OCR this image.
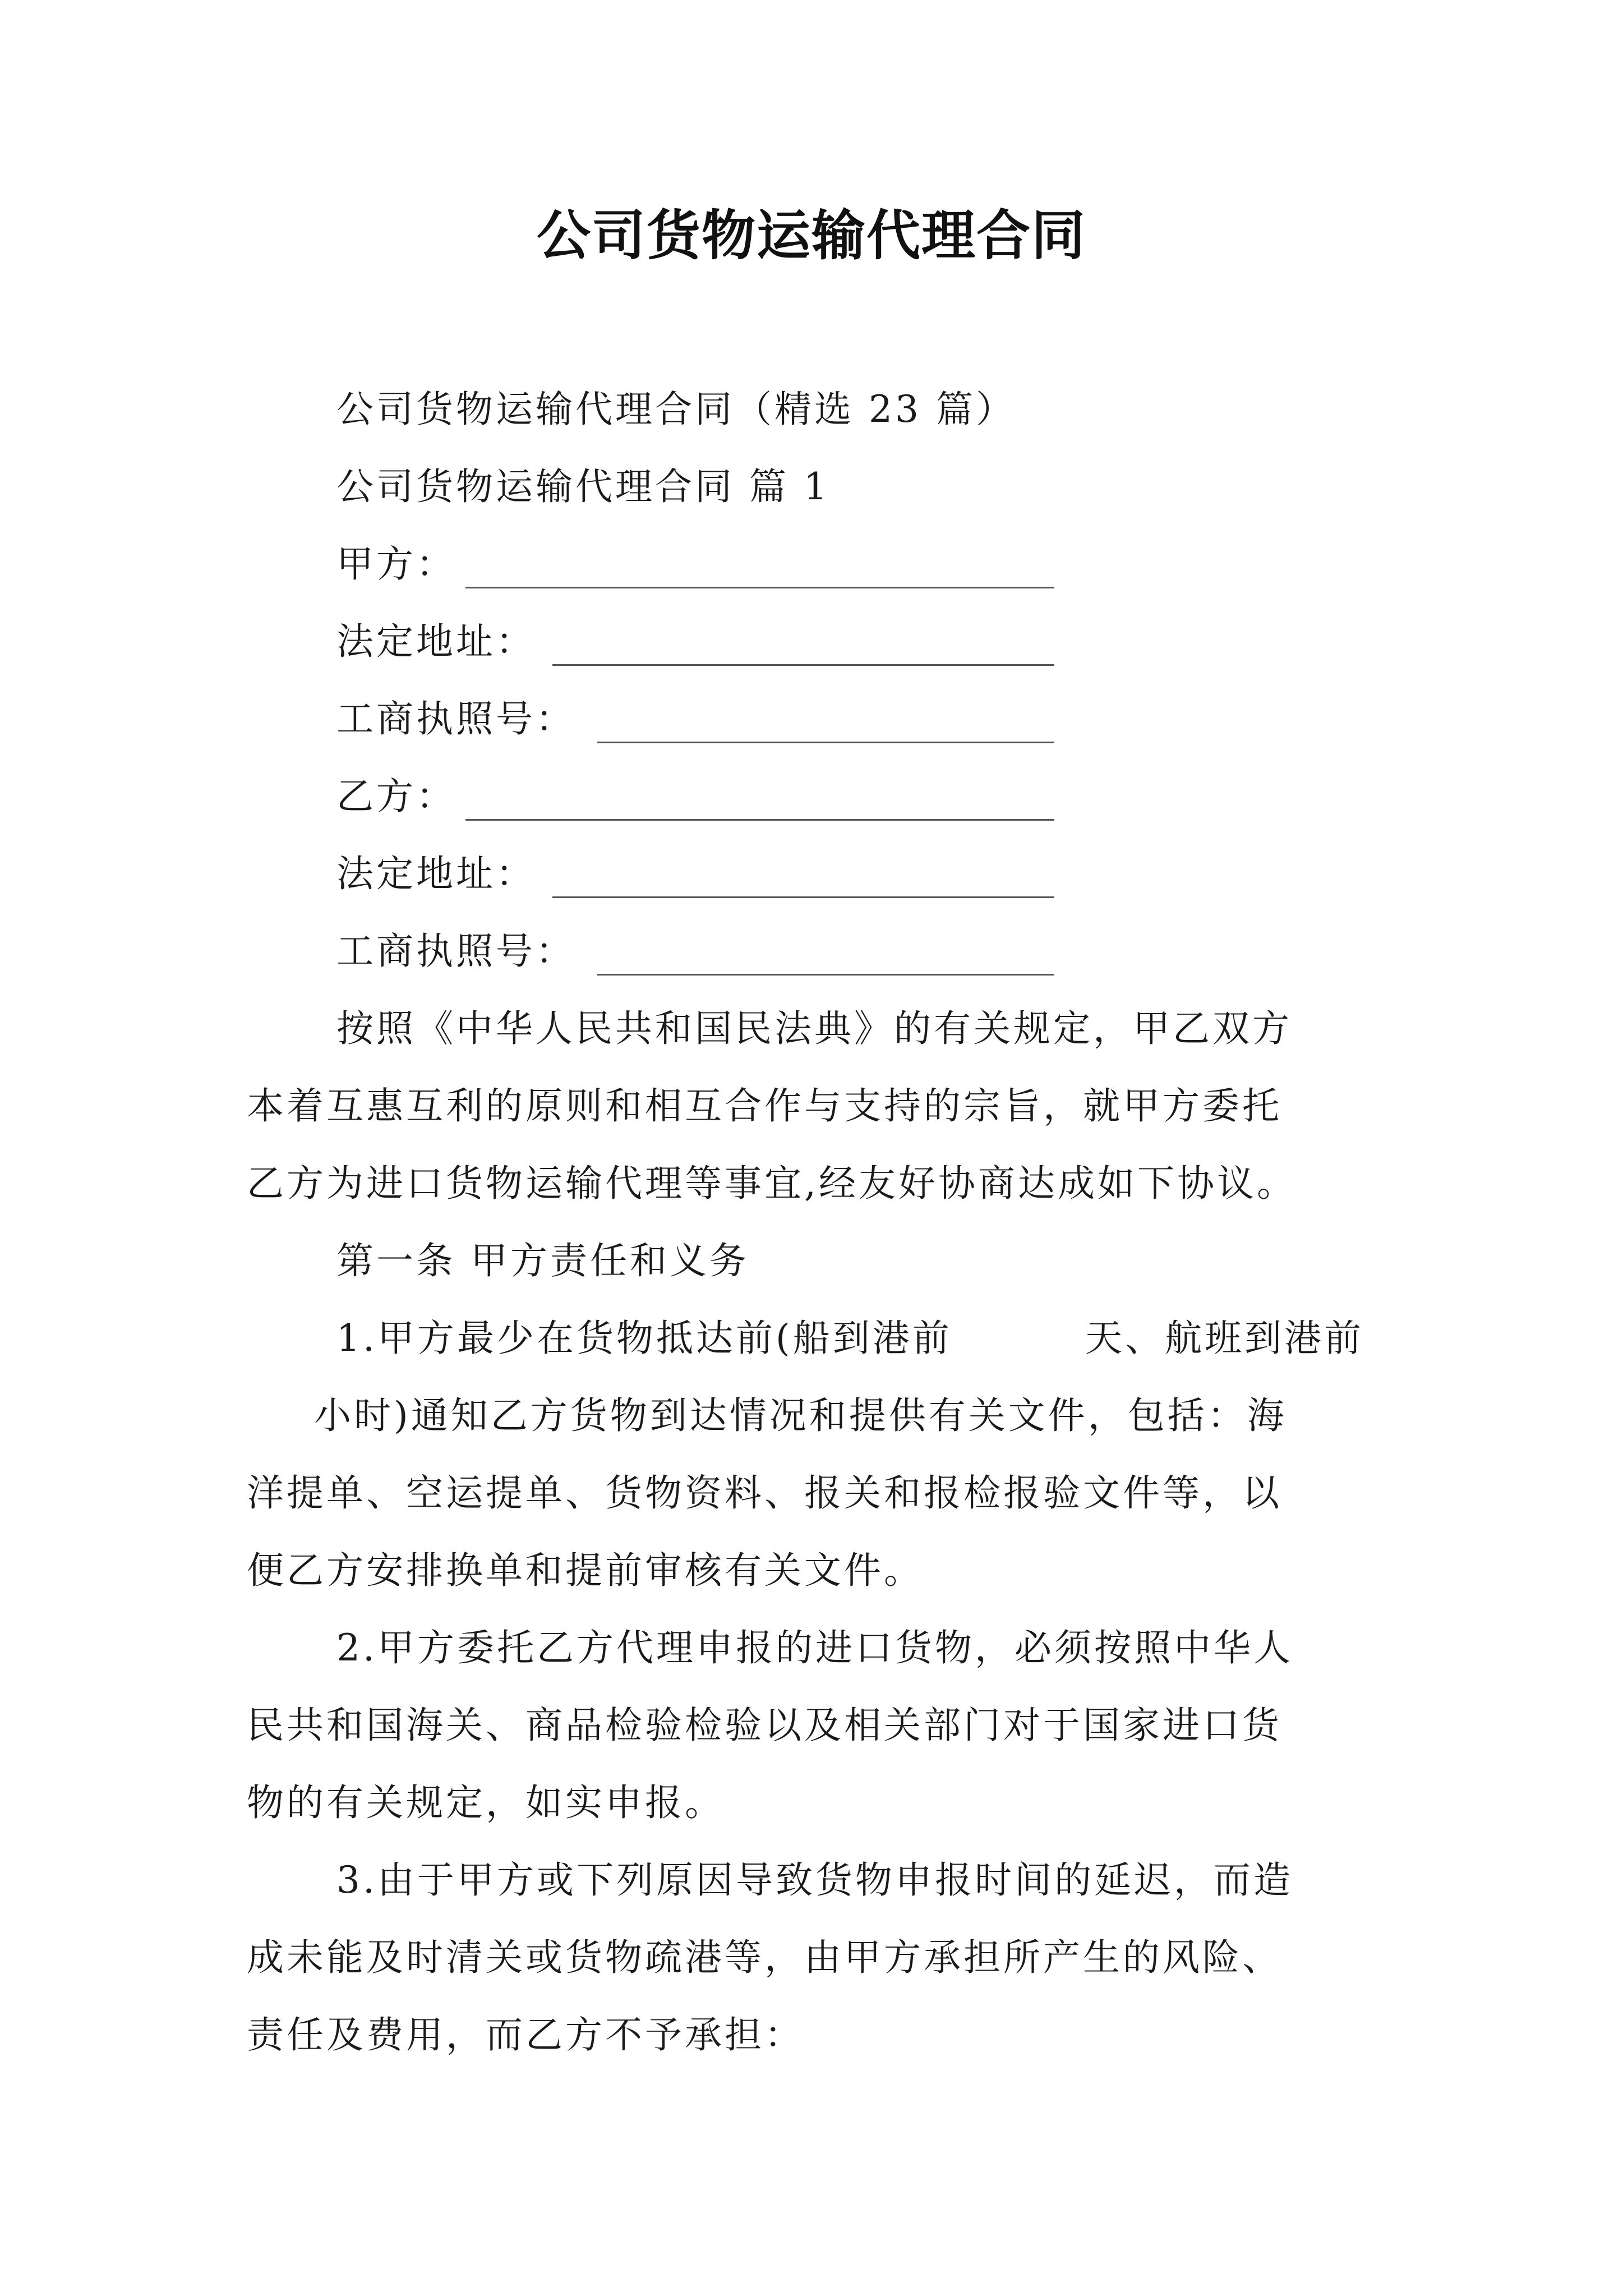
公司货物运输代理合同
公司货物运输代理合同（精选 23 篇）
公司货物运输代理合同 篇 1
甲方：
法定地址：
工商执照号：
乙方：
法定地址：
工商执照号：
按照《中华人民共和国民法典》的有关规定，甲乙双方
本着互惠互利的原则和相互合作与支持的宗旨，就甲方委托
乙方为进口货物运输代理等事宜,经友好协商达成如下协议。
第一条 甲方责任和义务
1.甲方最少在货物抵达前(船到港前	天、航班到港前
小时)通知乙方货物到达情况和提供有关文件，包括：海
洋提单、空运提单、货物资料、报关和报检报验文件等，以
便乙方安排换单和提前审核有关文件。
2.甲方委托乙方代理申报的进口货物，必须按照中华人
民共和国海关、商品检验检验以及相关部门对于国家进口货
物的有关规定，如实申报。
3.由于甲方或下列原因导致货物申报时间的延迟，而造
成未能及时清关或货物疏港等，由甲方承担所产生的风险、
责任及费用，而乙方不予承担：
